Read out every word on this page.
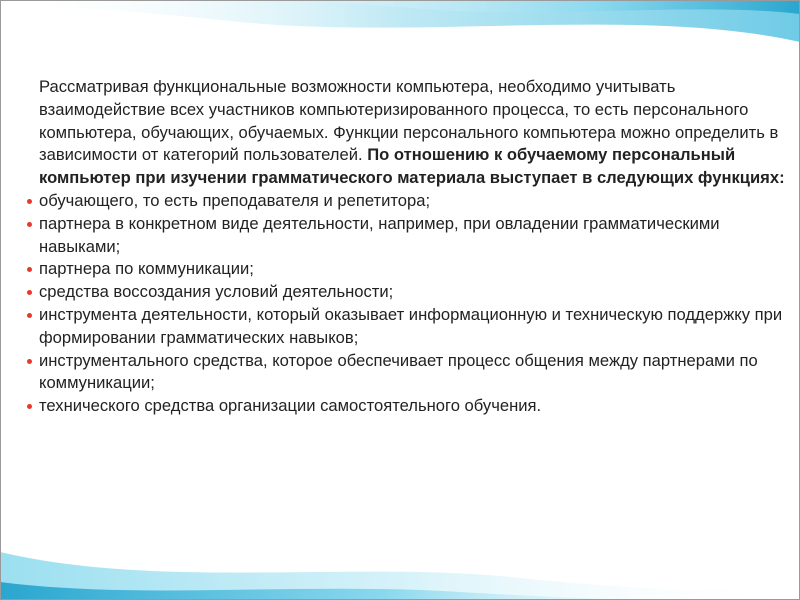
Рассматривая функциональные возможности компьютера, необходимо учитывать взаимодействие всех участников компьютеризированного процесса, то есть персонального компьютера, обучающих, обучаемых. Функции персонального компьютера можно определить в зависимости от категорий пользователей. По отношению к обучаемому персональный компьютер при изучении грамматического материала выступает в следующих функциях:

обучающего, то есть преподавателя и репетитора;
партнера в конкретном виде деятельности, например, при овладении грамматическими навыками;
партнера по коммуникации;
средства воссоздания условий деятельности;
инструмента деятельности, который оказывает информационную и техническую поддержку при формировании грамматических навыков;
инструментального средства, которое обеспечивает процесс общения между партнерами по коммуникации;
технического средства организации самостоятельного обучения.
